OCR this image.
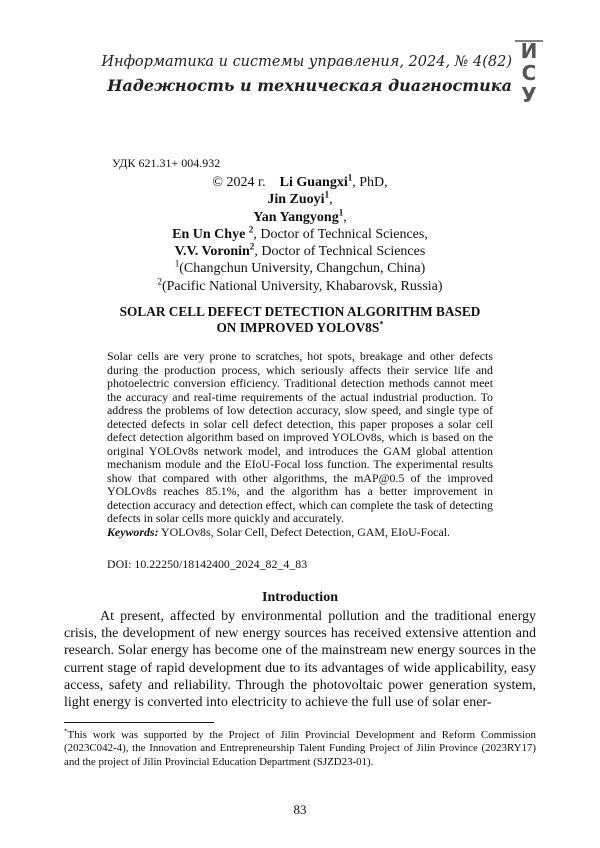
Информатика и системы управления, 2024, № 4(82)
Надежность и техническая диагностика
И
С
У
УДК 621.31+ 004.932
© 2024 г. Li Guangxi1, PhD,
Jin Zuoyi1,
Yan Yangyong1,
En Un Chye 2, Doctor of Technical Sciences,
V.V. Voronin2, Doctor of Technical Sciences
1(Changchun University, Changchun, China)
2(Pacific National University, Khabarovsk, Russia)
SOLAR CELL DEFECT DETECTION ALGORITHM BASED
ON IMPROVED YOLOV8S*

Solar cells are very prone to scratches, hot spots, breakage and other defects during the production process, which seriously affects their service life and photoelectric conversion efficiency. Traditional detection methods cannot meet the accuracy and real-time requirements of the actual industrial production. To address the problems of low detection accuracy, slow speed, and single type of detected defects in solar cell defect detection, this paper proposes a solar cell defect detection algorithm based on improved YOLOv8s, which is based on the original YOLOv8s network model, and introduces the GAM global attention mechanism module and the EIoU-Focal loss function. The experimental results show that compared with other algorithms, the mAP@0.5 of the improved YOLOv8s reaches 85.1%, and the algorithm has a better improvement in detection accuracy and detection effect, which can complete the task of detecting defects in solar cells more quickly and accurately.

Keywords: YOLOv8s, Solar Cell, Defect Detection, GAM, EIoU-Focal.

DOI: 10.22250/18142400_2024_82_4_83
Introduction

At present, affected by environmental pollution and the traditional energy crisis, the development of new energy sources has received extensive attention and research. Solar energy has become one of the mainstream new energy sources in the current stage of rapid development due to its advantages of wide applicability, easy access, safety and reliability. Through the photovoltaic power generation system, light energy is converted into electricity to achieve the full use of solar ener-

*This work was supported by the Project of Jilin Provincial Development and Reform Commission (2023C042-4), the Innovation and Entrepreneurship Talent Funding Project of Jilin Province (2023RY17) and the project of Jilin Provincial Education Department (SJZD23-01).
83
